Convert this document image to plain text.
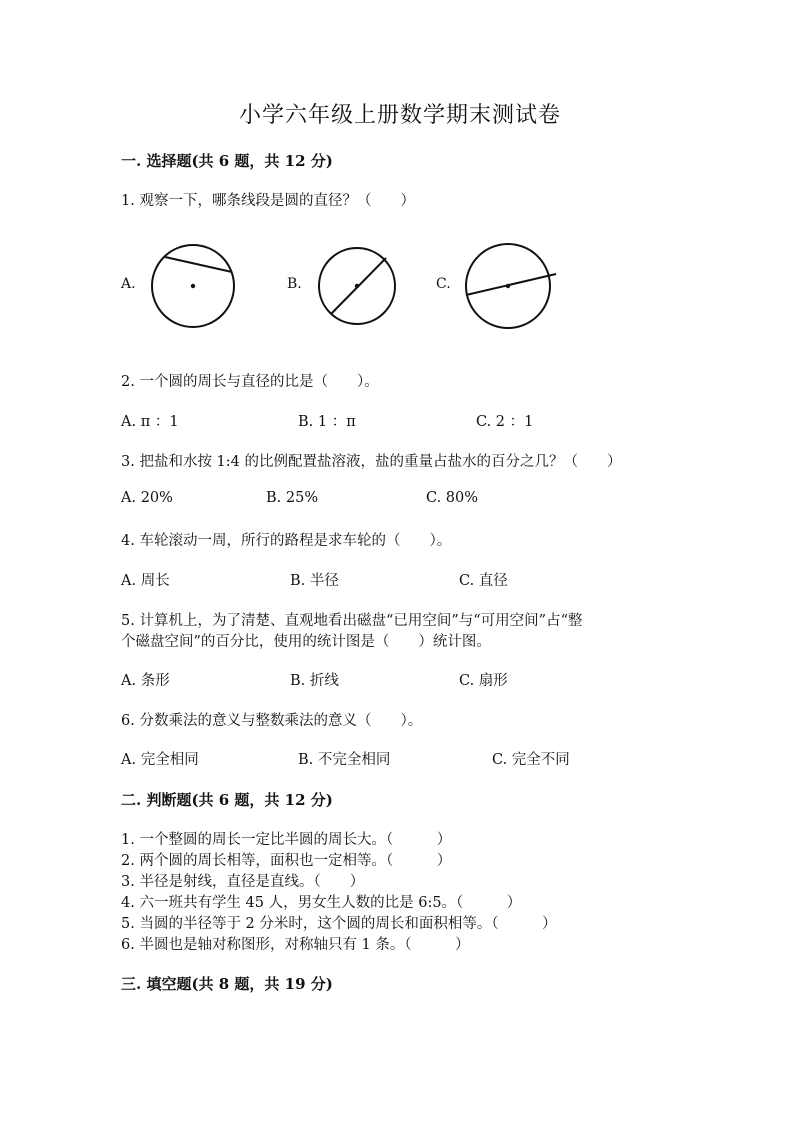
小学六年级上册数学期末测试卷
一. 选择题(共 6 题，共 12 分)
1. 观察一下，哪条线段是圆的直径？（　　）
A.	B.	C.
2. 一个圆的周长与直径的比是（　　）。
A. π ：1	B. 1 ：π	C. 2 ：1
3. 把盐和水按 1:4 的比例配置盐溶液，盐的重量占盐水的百分之几？（　　）
A. 20%	B. 25%	C. 80%
4. 车轮滚动一周，所行的路程是求车轮的（　　）。
A. 周长	B. 半径	C. 直径
5. 计算机上，为了清楚、直观地看出磁盘“已用空间”与“可用空间”占“整
个磁盘空间”的百分比，使用的统计图是（　　）统计图。
A. 条形	B. 折线	C. 扇形
6. 分数乘法的意义与整数乘法的意义（　　）。
A. 完全相同	B. 不完全相同	C. 完全不同
二. 判断题(共 6 题，共 12 分)
1. 一个整圆的周长一定比半圆的周长大。（　　　）
2. 两个圆的周长相等，面积也一定相等。（　　　）
3. 半径是射线，直径是直线。（　　）
4. 六一班共有学生 45 人，男女生人数的比是 6:5。（　　　）
5. 当圆的半径等于 2 分米时，这个圆的周长和面积相等。（　　　）
6. 半圆也是轴对称图形，对称轴只有 1 条。（　　　）
三. 填空题(共 8 题，共 19 分)
